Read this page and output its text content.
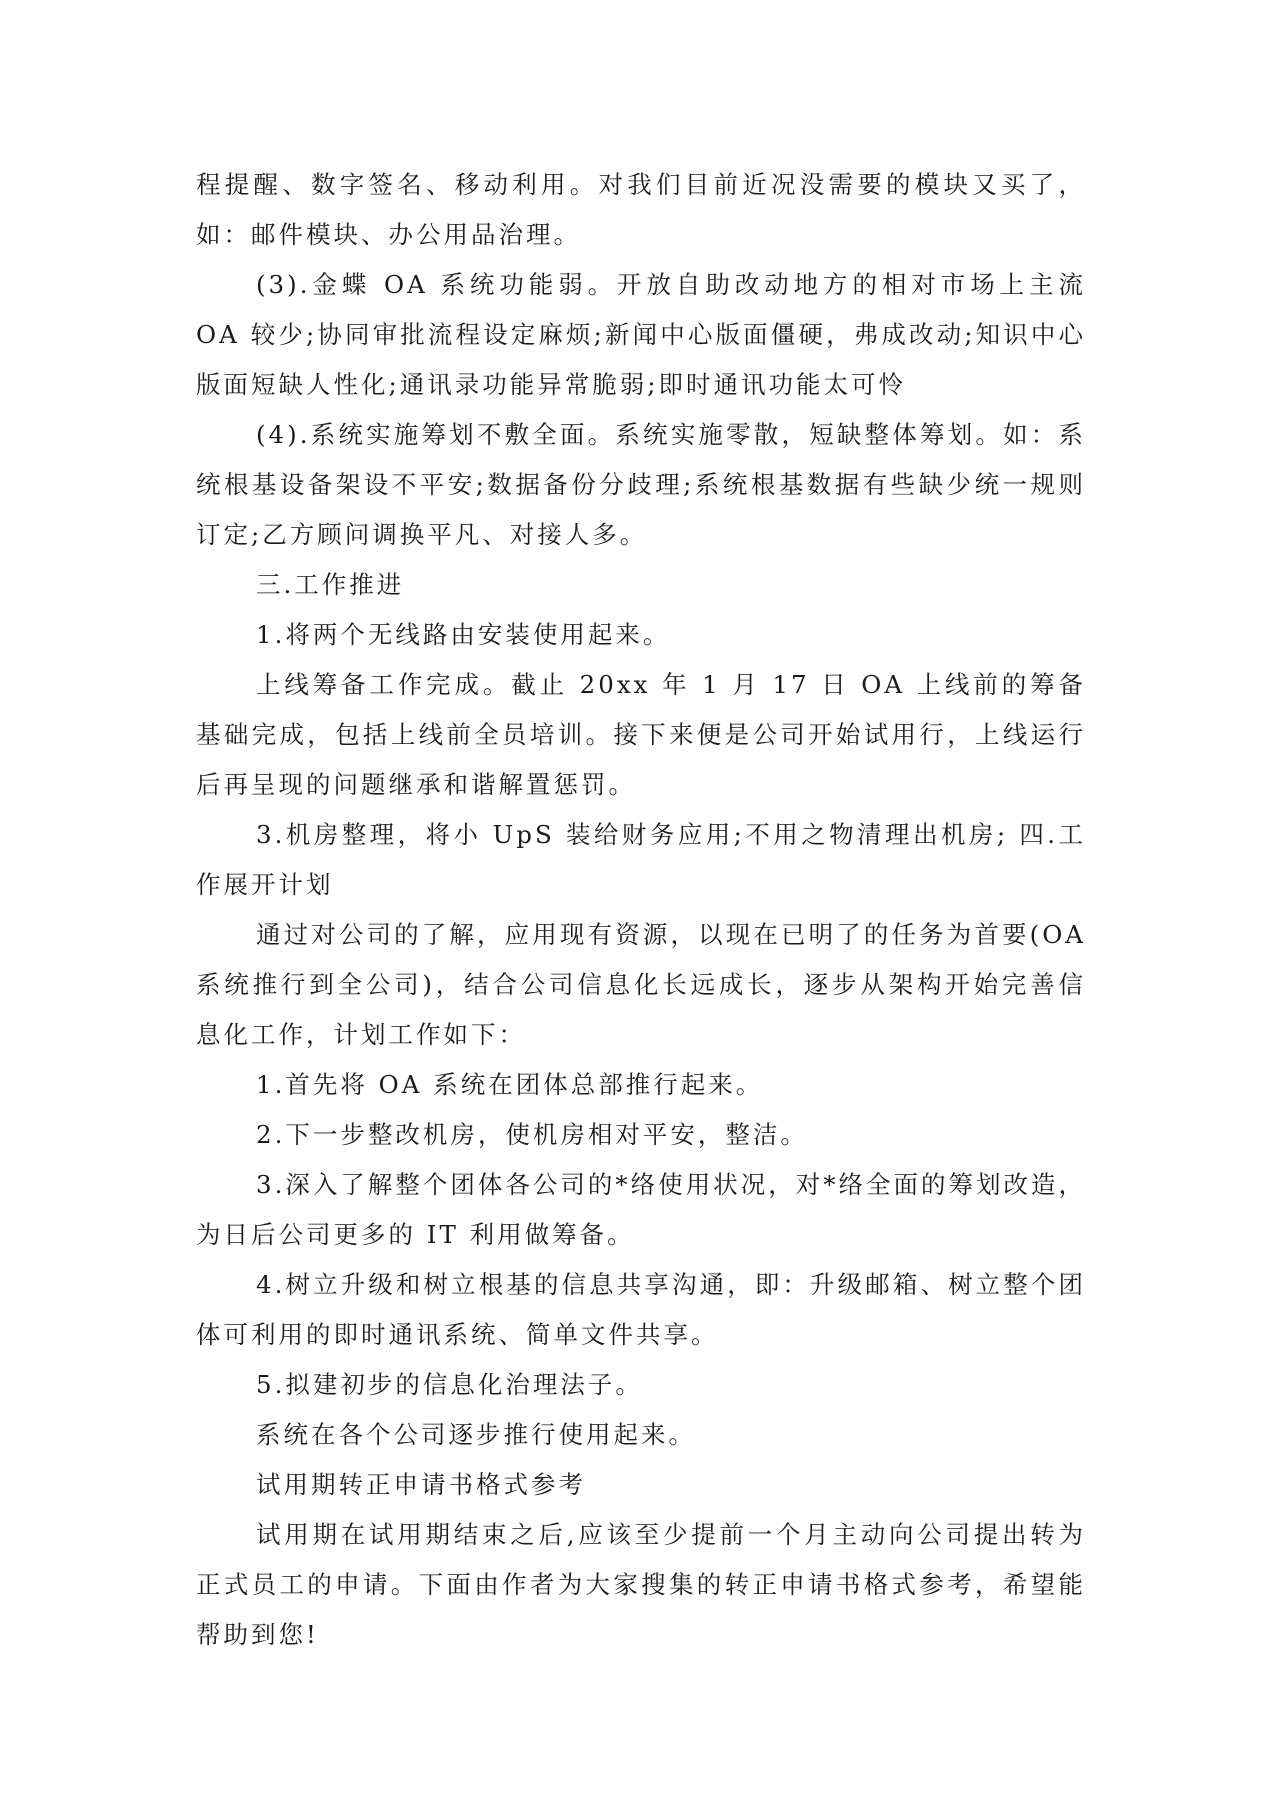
程提醒、数字签名、移动利用。对我们目前近况没需要的模块又买了，如：邮件模块、办公用品治理。

(3).金蝶 OA 系统功能弱。开放自助改动地方的相对市场上主流 OA 较少;协同审批流程设定麻烦;新闻中心版面僵硬，弗成改动;知识中心版面短缺人性化;通讯录功能异常脆弱;即时通讯功能太可怜

(4).系统实施筹划不敷全面。系统实施零散，短缺整体筹划。如：系统根基设备架设不平安;数据备份分歧理;系统根基数据有些缺少统一规则订定;乙方顾问调换平凡、对接人多。

三.工作推进

1.将两个无线路由安装使用起来。

上线筹备工作完成。截止 20xx 年 1 月 17 日 OA 上线前的筹备基础完成，包括上线前全员培训。接下来便是公司开始试用行，上线运行后再呈现的问题继承和谐解置惩罚。

3.机房整理，将小 UpS 装给财务应用;不用之物清理出机房; 四.工作展开计划

通过对公司的了解，应用现有资源，以现在已明了的任务为首要(OA 系统推行到全公司)，结合公司信息化长远成长，逐步从架构开始完善信息化工作，计划工作如下：

1.首先将 OA 系统在团体总部推行起来。

2.下一步整改机房，使机房相对平安，整洁。

3.深入了解整个团体各公司的*络使用状况，对*络全面的筹划改造，为日后公司更多的 IT 利用做筹备。

4.树立升级和树立根基的信息共享沟通，即：升级邮箱、树立整个团体可利用的即时通讯系统、简单文件共享。

5.拟建初步的信息化治理法子。

系统在各个公司逐步推行使用起来。

试用期转正申请书格式参考

试用期在试用期结束之后,应该至少提前一个月主动向公司提出转为正式员工的申请。下面由作者为大家搜集的转正申请书格式参考，希望能帮助到您!
